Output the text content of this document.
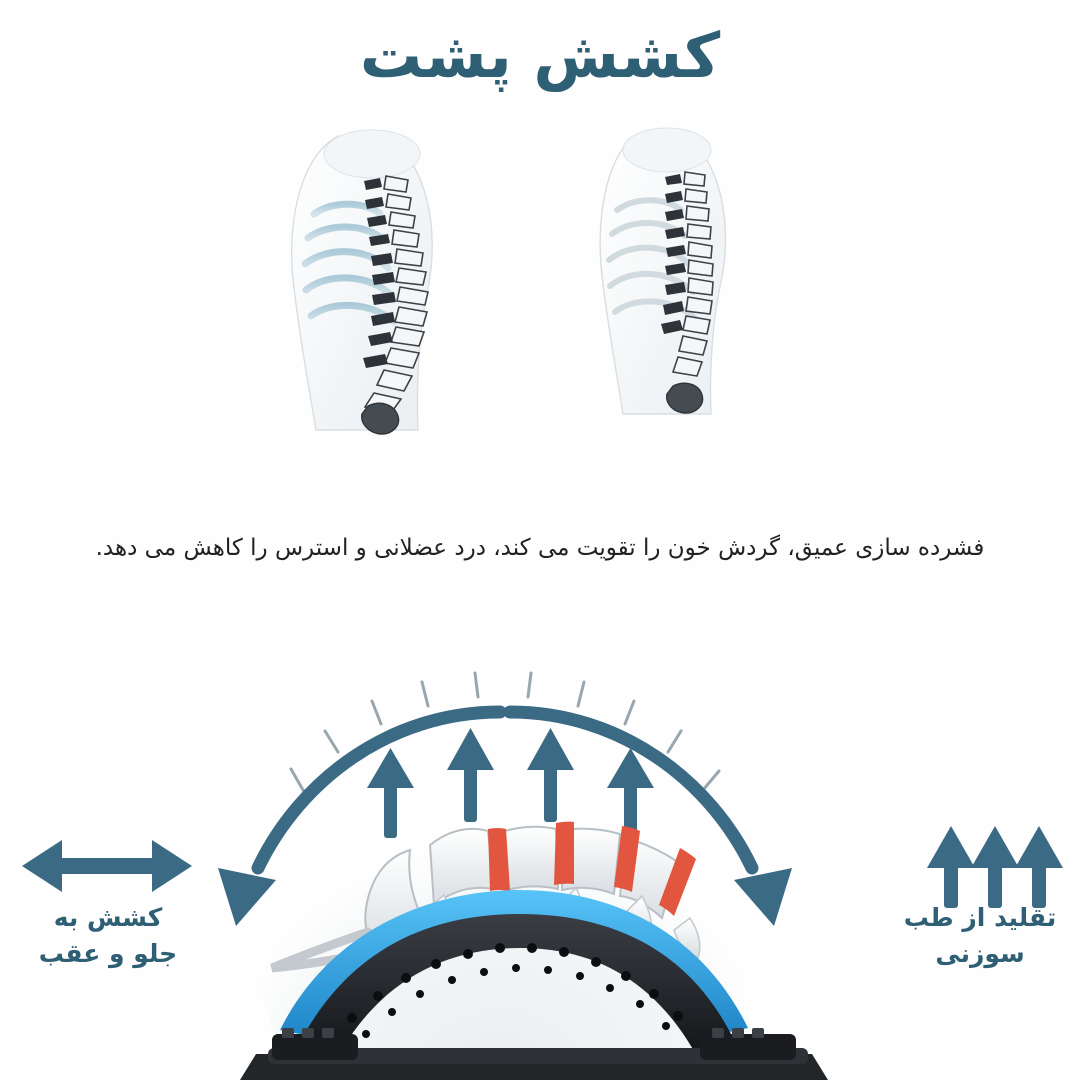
کشش پشت
فشرده سازی عمیق، گردش خون را تقویت می کند، درد عضلانی و استرس را کاهش می دهد.
کشش به جلو و عقب
تقلید از طب سوزنی
